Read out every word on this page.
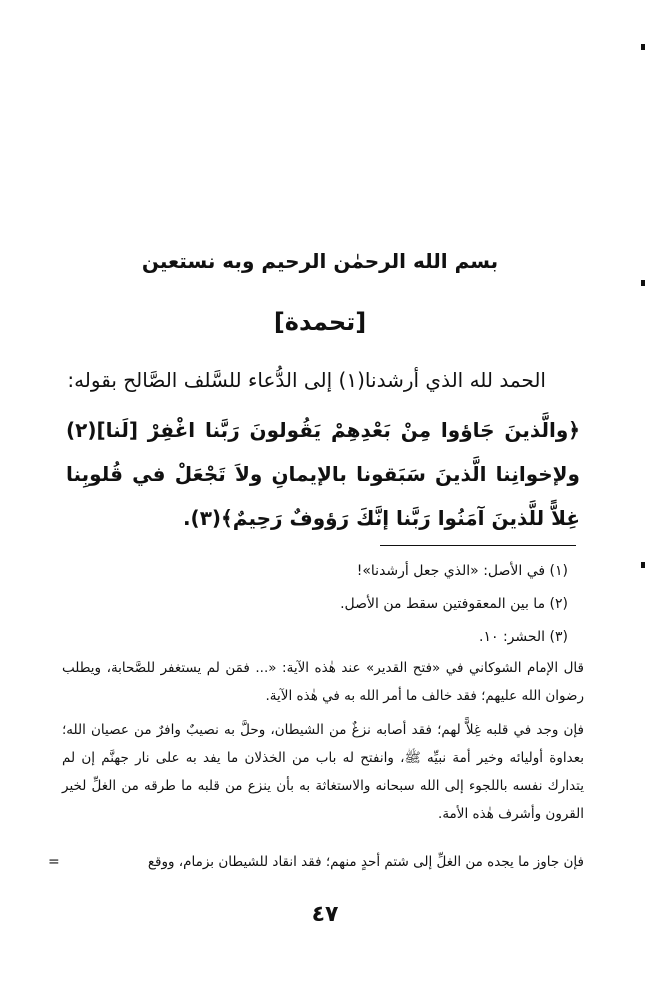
بسم الله الرحمٰن الرحيم وبه نستعين
[تحمدة]
الحمد لله الذي أرشدنا(١) إلى الدُّعاء للسَّلف الصَّالح بقوله:
﴿والَّذينَ جَاؤوا مِنْ بَعْدِهِمْ يَقُولونَ رَبَّنا اغْفِرْ [لَنا](٢) ولإخوانِنا الَّذينَ سَبَقونا بالإيمانِ ولاَ تَجْعَلْ في قُلوبِنا غِلاًّ للَّذينَ آمَنُوا رَبَّنا إنَّكَ رَؤوفٌ رَحِيمٌ﴾(٣).
(١) في الأصل: «الذي جعل أرشدنا»!
(٢) ما بين المعقوفتين سقط من الأصل.
(٣) الحشر: ١٠.
قال الإمام الشوكاني في «فتح القدير» عند هٰذه الآية: «... فمَن لم يستغفر للصَّحابة، ويطلب رضوان الله عليهم؛ فقد خالف ما أمر الله به في هٰذه الآية.
فإن وجد في قلبه غِلاًّ لهم؛ فقد أصابه نزغٌ من الشيطان، وحلَّ به نصيبٌ وافرٌ من عصيان الله؛ بعداوة أوليائه وخير أمة نبيِّه ﷺ، وانفتح له باب من الخذلان ما يفد به على نار جهنَّم إن لم يتدارك نفسه باللجوء إلى الله سبحانه والاستغاثة به بأن ينزع من قلبه ما طرقه من الغلِّ لخير القرون وأشرف هٰذه الأمة.
فإن جاوز ما يجده من الغلِّ إلى شتم أحدٍ منهم؛ فقد انقاد للشيطان بزمام، ووقع
=
٤٧
